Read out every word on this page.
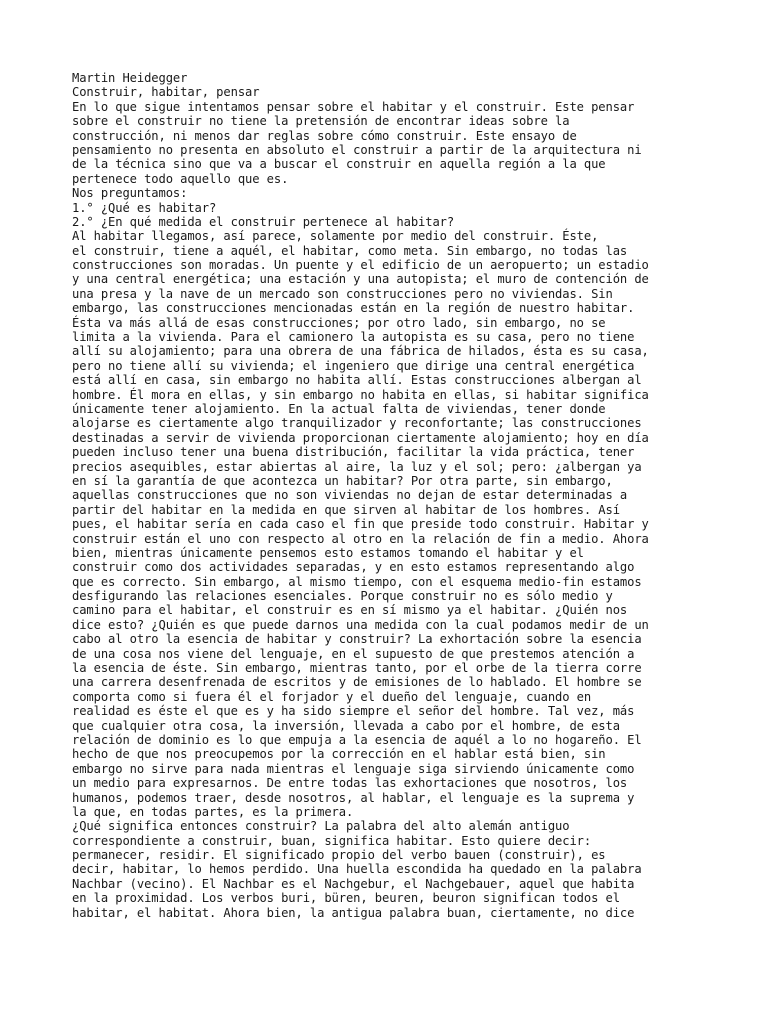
Martin Heidegger
Construir, habitar, pensar
En lo que sigue intentamos pensar sobre el habitar y el construir. Este pensar
sobre el construir no tiene la pretensión de encontrar ideas sobre la
construcción, ni menos dar reglas sobre cómo construir. Este ensayo de
pensamiento no presenta en absoluto el construir a partir de la arquitectura ni
de la técnica sino que va a buscar el construir en aquella región a la que
pertenece todo aquello que es.
Nos preguntamos:
1.° ¿Qué es habitar?
2.° ¿En qué medida el construir pertenece al habitar?
Al habitar llegamos, así parece, solamente por medio del construir. Éste,
el construir, tiene a aquél, el habitar, como meta. Sin embargo, no todas las
construcciones son moradas. Un puente y el edificio de un aeropuerto; un estadio
y una central energética; una estación y una autopista; el muro de contención de
una presa y la nave de un mercado son construcciones pero no viviendas. Sin
embargo, las construcciones mencionadas están en la región de nuestro habitar.
Ésta va más allá de esas construcciones; por otro lado, sin embargo, no se
limita a la vivienda. Para el camionero la autopista es su casa, pero no tiene
allí su alojamiento; para una obrera de una fábrica de hilados, ésta es su casa,
pero no tiene allí su vivienda; el ingeniero que dirige una central energética
está allí en casa, sin embargo no habita allí. Estas construcciones albergan al
hombre. Él mora en ellas, y sin embargo no habita en ellas, si habitar significa
únicamente tener alojamiento. En la actual falta de viviendas, tener donde
alojarse es ciertamente algo tranquilizador y reconfortante; las construcciones
destinadas a servir de vivienda proporcionan ciertamente alojamiento; hoy en día
pueden incluso tener una buena distribución, facilitar la vida práctica, tener
precios asequibles, estar abiertas al aire, la luz y el sol; pero: ¿albergan ya
en sí la garantía de que acontezca un habitar? Por otra parte, sin embargo,
aquellas construcciones que no son viviendas no dejan de estar determinadas a
partir del habitar en la medida en que sirven al habitar de los hombres. Así
pues, el habitar sería en cada caso el fin que preside todo construir. Habitar y
construir están el uno con respecto al otro en la relación de fin a medio. Ahora
bien, mientras únicamente pensemos esto estamos tomando el habitar y el
construir como dos actividades separadas, y en esto estamos representando algo
que es correcto. Sin embargo, al mismo tiempo, con el esquema medio-fin estamos
desfigurando las relaciones esenciales. Porque construir no es sólo medio y
camino para el habitar, el construir es en sí mismo ya el habitar. ¿Quién nos
dice esto? ¿Quién es que puede darnos una medida con la cual podamos medir de un
cabo al otro la esencia de habitar y construir? La exhortación sobre la esencia
de una cosa nos viene del lenguaje, en el supuesto de que prestemos atención a
la esencia de éste. Sin embargo, mientras tanto, por el orbe de la tierra corre
una carrera desenfrenada de escritos y de emisiones de lo hablado. El hombre se
comporta como si fuera él el forjador y el dueño del lenguaje, cuando en
realidad es éste el que es y ha sido siempre el señor del hombre. Tal vez, más
que cualquier otra cosa, la inversión, llevada a cabo por el hombre, de esta
relación de dominio es lo que empuja a la esencia de aquél a lo no hogareño. El
hecho de que nos preocupemos por la corrección en el hablar está bien, sin
embargo no sirve para nada mientras el lenguaje siga sirviendo únicamente como
un medio para expresarnos. De entre todas las exhortaciones que nosotros, los
humanos, podemos traer, desde nosotros, al hablar, el lenguaje es la suprema y
la que, en todas partes, es la primera.
¿Qué significa entonces construir? La palabra del alto alemán antiguo
correspondiente a construir, buan, significa habitar. Esto quiere decir:
permanecer, residir. El significado propio del verbo bauen (construir), es
decir, habitar, lo hemos perdido. Una huella escondida ha quedado en la palabra
Nachbar (vecino). El Nachbar es el Nachgebur, el Nachgebauer, aquel que habita
en la proximidad. Los verbos buri, büren, beuren, beuron significan todos el
habitar, el habitat. Ahora bien, la antigua palabra buan, ciertamente, no dice
